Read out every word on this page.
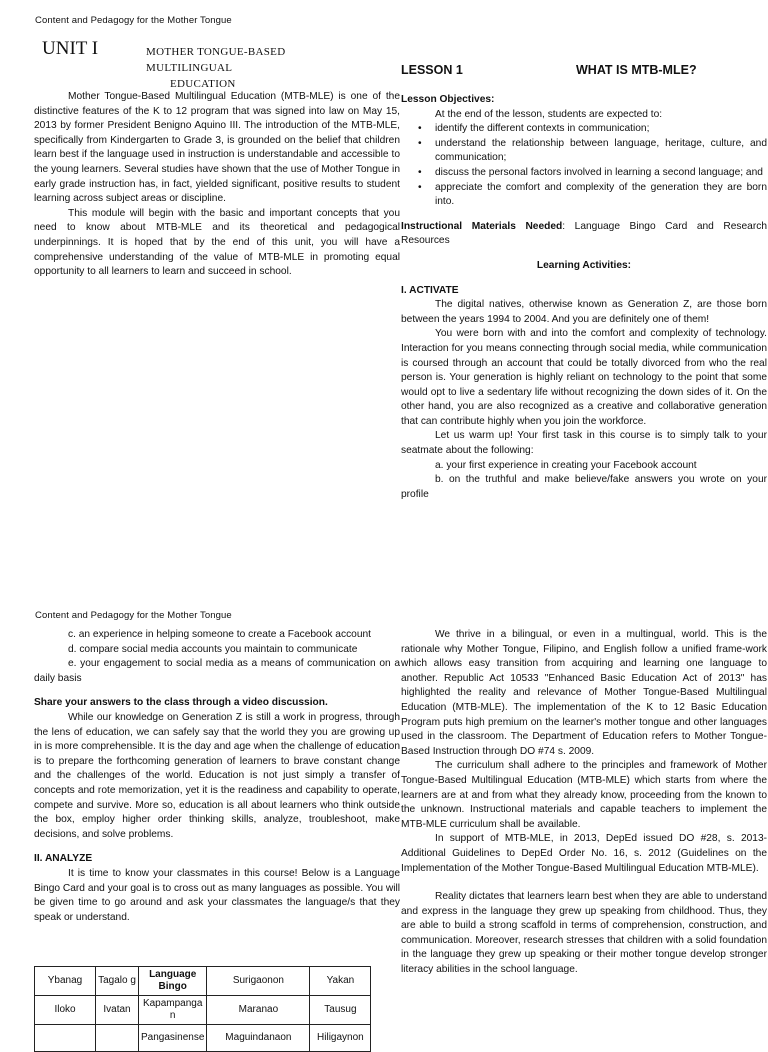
Content and Pedagogy for the Mother Tongue
UNIT I	MOTHER TONGUE-BASED MULTILINGUAL
EDUCATION

Mother Tongue-Based Multilingual Education (MTB-MLE) is one of the distinctive features of the K to 12 program that was signed into law on May 15, 2013 by former President Benigno Aquino III. The introduction of the MTB-MLE, specifically from Kindergarten to Grade 3, is grounded on the belief that children learn best if the language used in instruction is understandable and accessible to the young learners. Several studies have shown that the use of Mother Tongue in early grade instruction has, in fact, yielded significant, positive results to student learning across subject areas or discipline.

This module will begin with the basic and important concepts that you need to know about MTB-MLE and its theoretical and pedagogical underpinnings. It is hoped that by the end of this unit, you will have a comprehensive understanding of the value of MTB-MLE in promoting equal opportunity to all learners to learn and succeed in school.

LESSON 1	WHAT IS MTB-MLE?

Lesson Objectives:

At the end of the lesson, students are expected to:

• identify the different contexts in communication;
• understand the relationship between language, heritage, culture, and communication;
• discuss the personal factors involved in learning a second language; and
• appreciate the comfort and complexity of the generation they are born into.

Instructional Materials Needed: Language Bingo Card and Research Resources

Learning Activities:

I. ACTIVATE

The digital natives, otherwise known as Generation Z, are those born between the years 1994 to 2004. And you are definitely one of them!

You were born with and into the comfort and complexity of technology. Interaction for you means connecting through social media, while communication is coursed through an account that could be totally divorced from who the real person is. Your generation is highly reliant on technology to the point that some would opt to live a sedentary life without recognizing the down sides of it. On the other hand, you are also recognized as a creative and collaborative generation that can contribute highly when you join the workforce.

Let us warm up! Your first task in this course is to simply talk to your seatmate about the following:

a. your first experience in creating your Facebook account

b. on the truthful and make believe/fake answers you wrote on your profile

Content and Pedagogy for the Mother Tongue

c. an experience in helping someone to create a Facebook account

d. compare social media accounts you maintain to communicate

e. your engagement to social media as a means of communication on a daily basis

Share your answers to the class through a video discussion.

While our knowledge on Generation Z is still a work in progress, through the lens of education, we can safely say that the world they you are growing up in is more comprehensible. It is the day and age when the challenge of education is to prepare the forthcoming generation of learners to brave constant change and the challenges of the world. Education is not just simply a transfer of concepts and rote memorization, yet it is the readiness and capability to operate, compete and survive. More so, education is all about learners who think outside the box, employ higher order thinking skills, analyze, troubleshoot, make decisions, and solve problems.

II. ANALYZE

It is time to know your classmates in this course! Below is a Language Bingo Card and your goal is to cross out as many languages as possible. You will be given time to go around and ask your classmates the language/s that they speak or understand.

Ybanag	Tagalo g	Language Bingo	Surigaonon	Yakan
Iloko	Ivatan	Kapampanga n	Maranao	Tausug
		Pangasinense	Maguindanaon	Hiligaynon

We thrive in a bilingual, or even in a multingual, world. This is the rationale why Mother Tongue, Filipino, and English follow a unified frame-work which allows easy transition from acquiring and learning one language to another. Republic Act 10533 "Enhanced Basic Education Act of 2013" has highlighted the reality and relevance of Mother Tongue-Based Multilingual Education (MTB-MLE). The implementation of the K to 12 Basic Education Program puts high premium on the learner's mother tongue and other languages used in the classroom. The Department of Education refers to Mother Tongue-Based Instruction through DO #74 s. 2009.

The curriculum shall adhere to the principles and framework of Mother Tongue-Based Multilingual Education (MTB-MLE) which starts from where the learners are at and from what they already know, proceeding from the known to the unknown. Instructional materials and capable teachers to implement the MTB-MLE curriculum shall be available.

In support of MTB-MLE, in 2013, DepEd issued DO #28, s. 2013-Additional Guidelines to DepEd Order No. 16, s. 2012 (Guidelines on the Implementation of the Mother Tongue-Based Multilingual Education MTB-MLE).

Reality dictates that learners learn best when they are able to understand and express in the language they grew up speaking from childhood. Thus, they are able to build a strong scaffold in terms of comprehension, construction, and communication. Moreover, research stresses that children with a solid foundation in the language they grew up speaking or their mother tongue develop stronger literacy abilities in the school language.
